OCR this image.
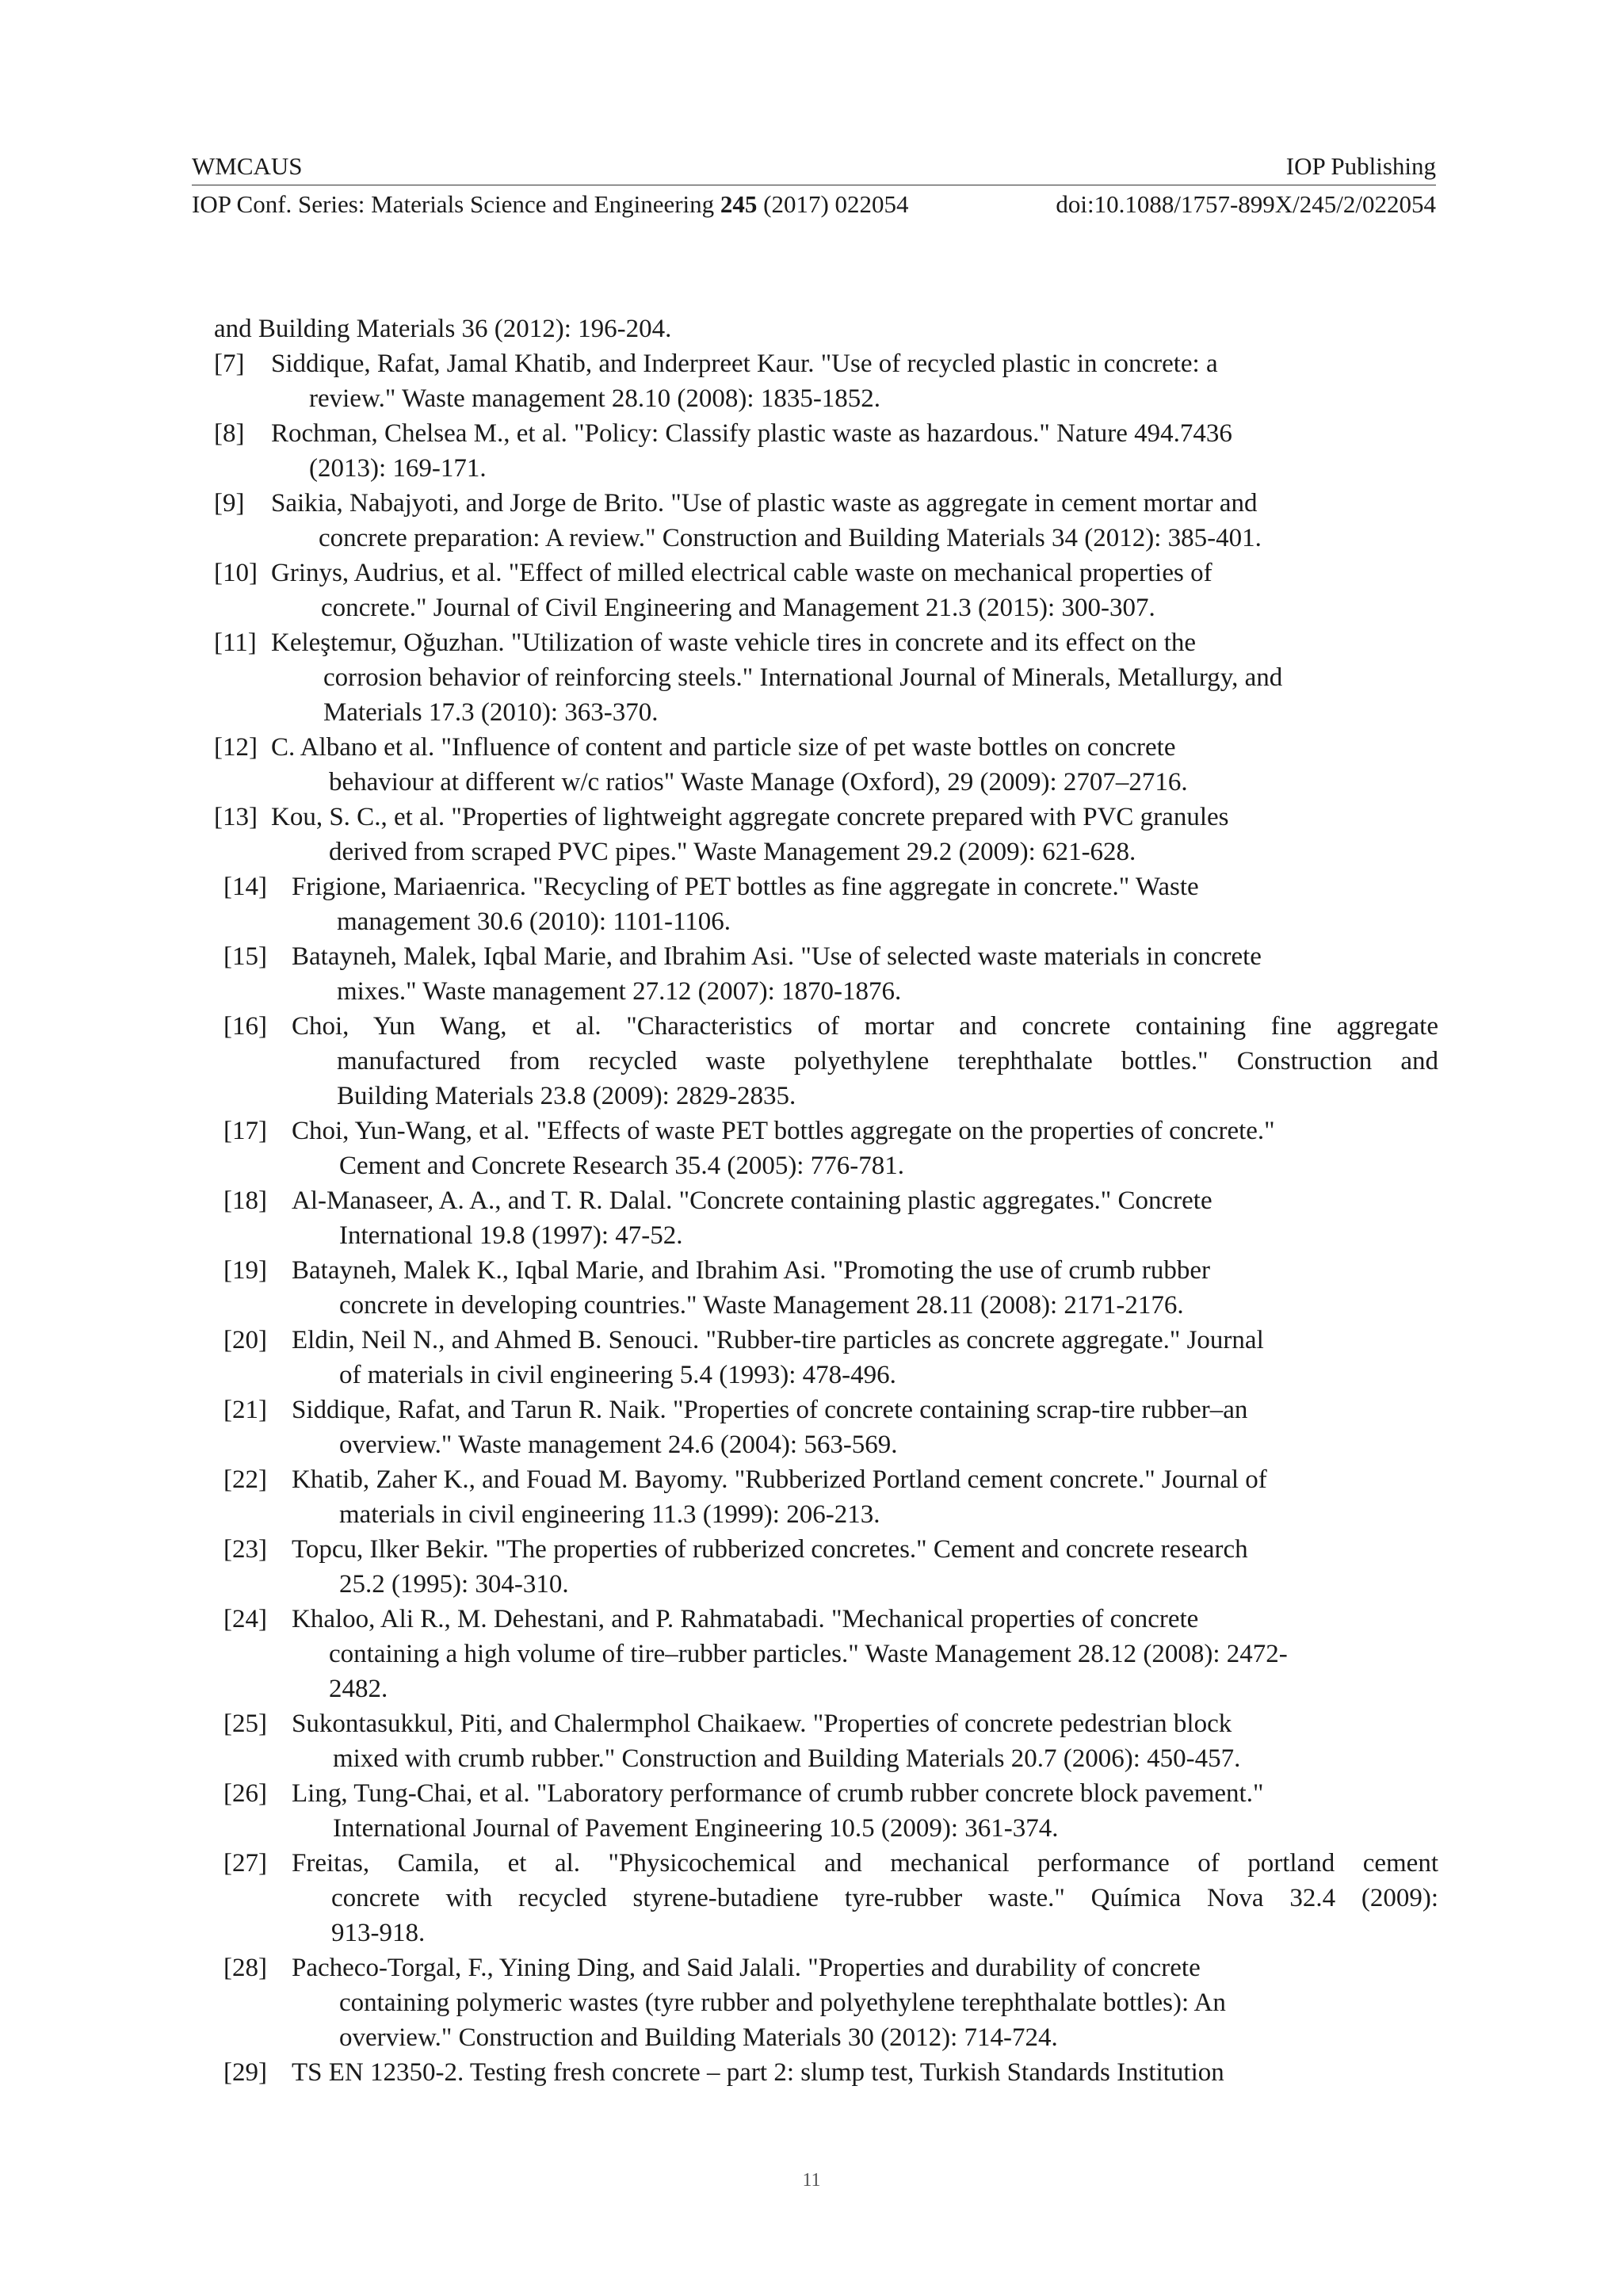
WMCAUS	IOP Publishing
IOP Conf. Series: Materials Science and Engineering 245 (2017) 022054	doi:10.1088/1757-899X/245/2/022054
and Building Materials 36 (2012): 196-204.
[7] Siddique, Rafat, Jamal Khatib, and Inderpreet Kaur. "Use of recycled plastic in concrete: a
review." Waste management 28.10 (2008): 1835-1852.
[8] Rochman, Chelsea M., et al. "Policy: Classify plastic waste as hazardous." Nature 494.7436
(2013): 169-171.
[9] Saikia, Nabajyoti, and Jorge de Brito. "Use of plastic waste as aggregate in cement mortar and
concrete preparation: A review." Construction and Building Materials 34 (2012): 385-401.
[10] Grinys, Audrius, et al. "Effect of milled electrical cable waste on mechanical properties of
concrete." Journal of Civil Engineering and Management 21.3 (2015): 300-307.
[11] Keleştemur, Oğuzhan. "Utilization of waste vehicle tires in concrete and its effect on the
corrosion behavior of reinforcing steels." International Journal of Minerals, Metallurgy, and
Materials 17.3 (2010): 363-370.
[12] C. Albano et al. "Influence of content and particle size of pet waste bottles on concrete
behaviour at different w/c ratios" Waste Manage (Oxford), 29 (2009): 2707–2716.
[13] Kou, S. C., et al. "Properties of lightweight aggregate concrete prepared with PVC granules
derived from scraped PVC pipes." Waste Management 29.2 (2009): 621-628.
[14] Frigione, Mariaenrica. "Recycling of PET bottles as fine aggregate in concrete." Waste
management 30.6 (2010): 1101-1106.
[15] Batayneh, Malek, Iqbal Marie, and Ibrahim Asi. "Use of selected waste materials in concrete
mixes." Waste management 27.12 (2007): 1870-1876.
[16] Choi, Yun Wang, et al. "Characteristics of mortar and concrete containing fine aggregate
manufactured from recycled waste polyethylene terephthalate bottles." Construction and
Building Materials 23.8 (2009): 2829-2835.
[17] Choi, Yun-Wang, et al. "Effects of waste PET bottles aggregate on the properties of concrete."
Cement and Concrete Research 35.4 (2005): 776-781.
[18] Al-Manaseer, A. A., and T. R. Dalal. "Concrete containing plastic aggregates." Concrete
International 19.8 (1997): 47-52.
[19] Batayneh, Malek K., Iqbal Marie, and Ibrahim Asi. "Promoting the use of crumb rubber
concrete in developing countries." Waste Management 28.11 (2008): 2171-2176.
[20] Eldin, Neil N., and Ahmed B. Senouci. "Rubber-tire particles as concrete aggregate." Journal
of materials in civil engineering 5.4 (1993): 478-496.
[21] Siddique, Rafat, and Tarun R. Naik. "Properties of concrete containing scrap-tire rubber–an
overview." Waste management 24.6 (2004): 563-569.
[22] Khatib, Zaher K., and Fouad M. Bayomy. "Rubberized Portland cement concrete." Journal of
materials in civil engineering 11.3 (1999): 206-213.
[23] Topcu, Ilker Bekir. "The properties of rubberized concretes." Cement and concrete research
25.2 (1995): 304-310.
[24] Khaloo, Ali R., M. Dehestani, and P. Rahmatabadi. "Mechanical properties of concrete
containing a high volume of tire–rubber particles." Waste Management 28.12 (2008): 2472-
2482.
[25] Sukontasukkul, Piti, and Chalermphol Chaikaew. "Properties of concrete pedestrian block
mixed with crumb rubber." Construction and Building Materials 20.7 (2006): 450-457.
[26] Ling, Tung-Chai, et al. "Laboratory performance of crumb rubber concrete block pavement."
International Journal of Pavement Engineering 10.5 (2009): 361-374.
[27] Freitas, Camila, et al. "Physicochemical and mechanical performance of portland cement
concrete with recycled styrene-butadiene tyre-rubber waste." Química Nova 32.4 (2009):
913-918.
[28] Pacheco-Torgal, F., Yining Ding, and Said Jalali. "Properties and durability of concrete
containing polymeric wastes (tyre rubber and polyethylene terephthalate bottles): An
overview." Construction and Building Materials 30 (2012): 714-724.
[29] TS EN 12350-2. Testing fresh concrete – part 2: slump test, Turkish Standards Institution
11
